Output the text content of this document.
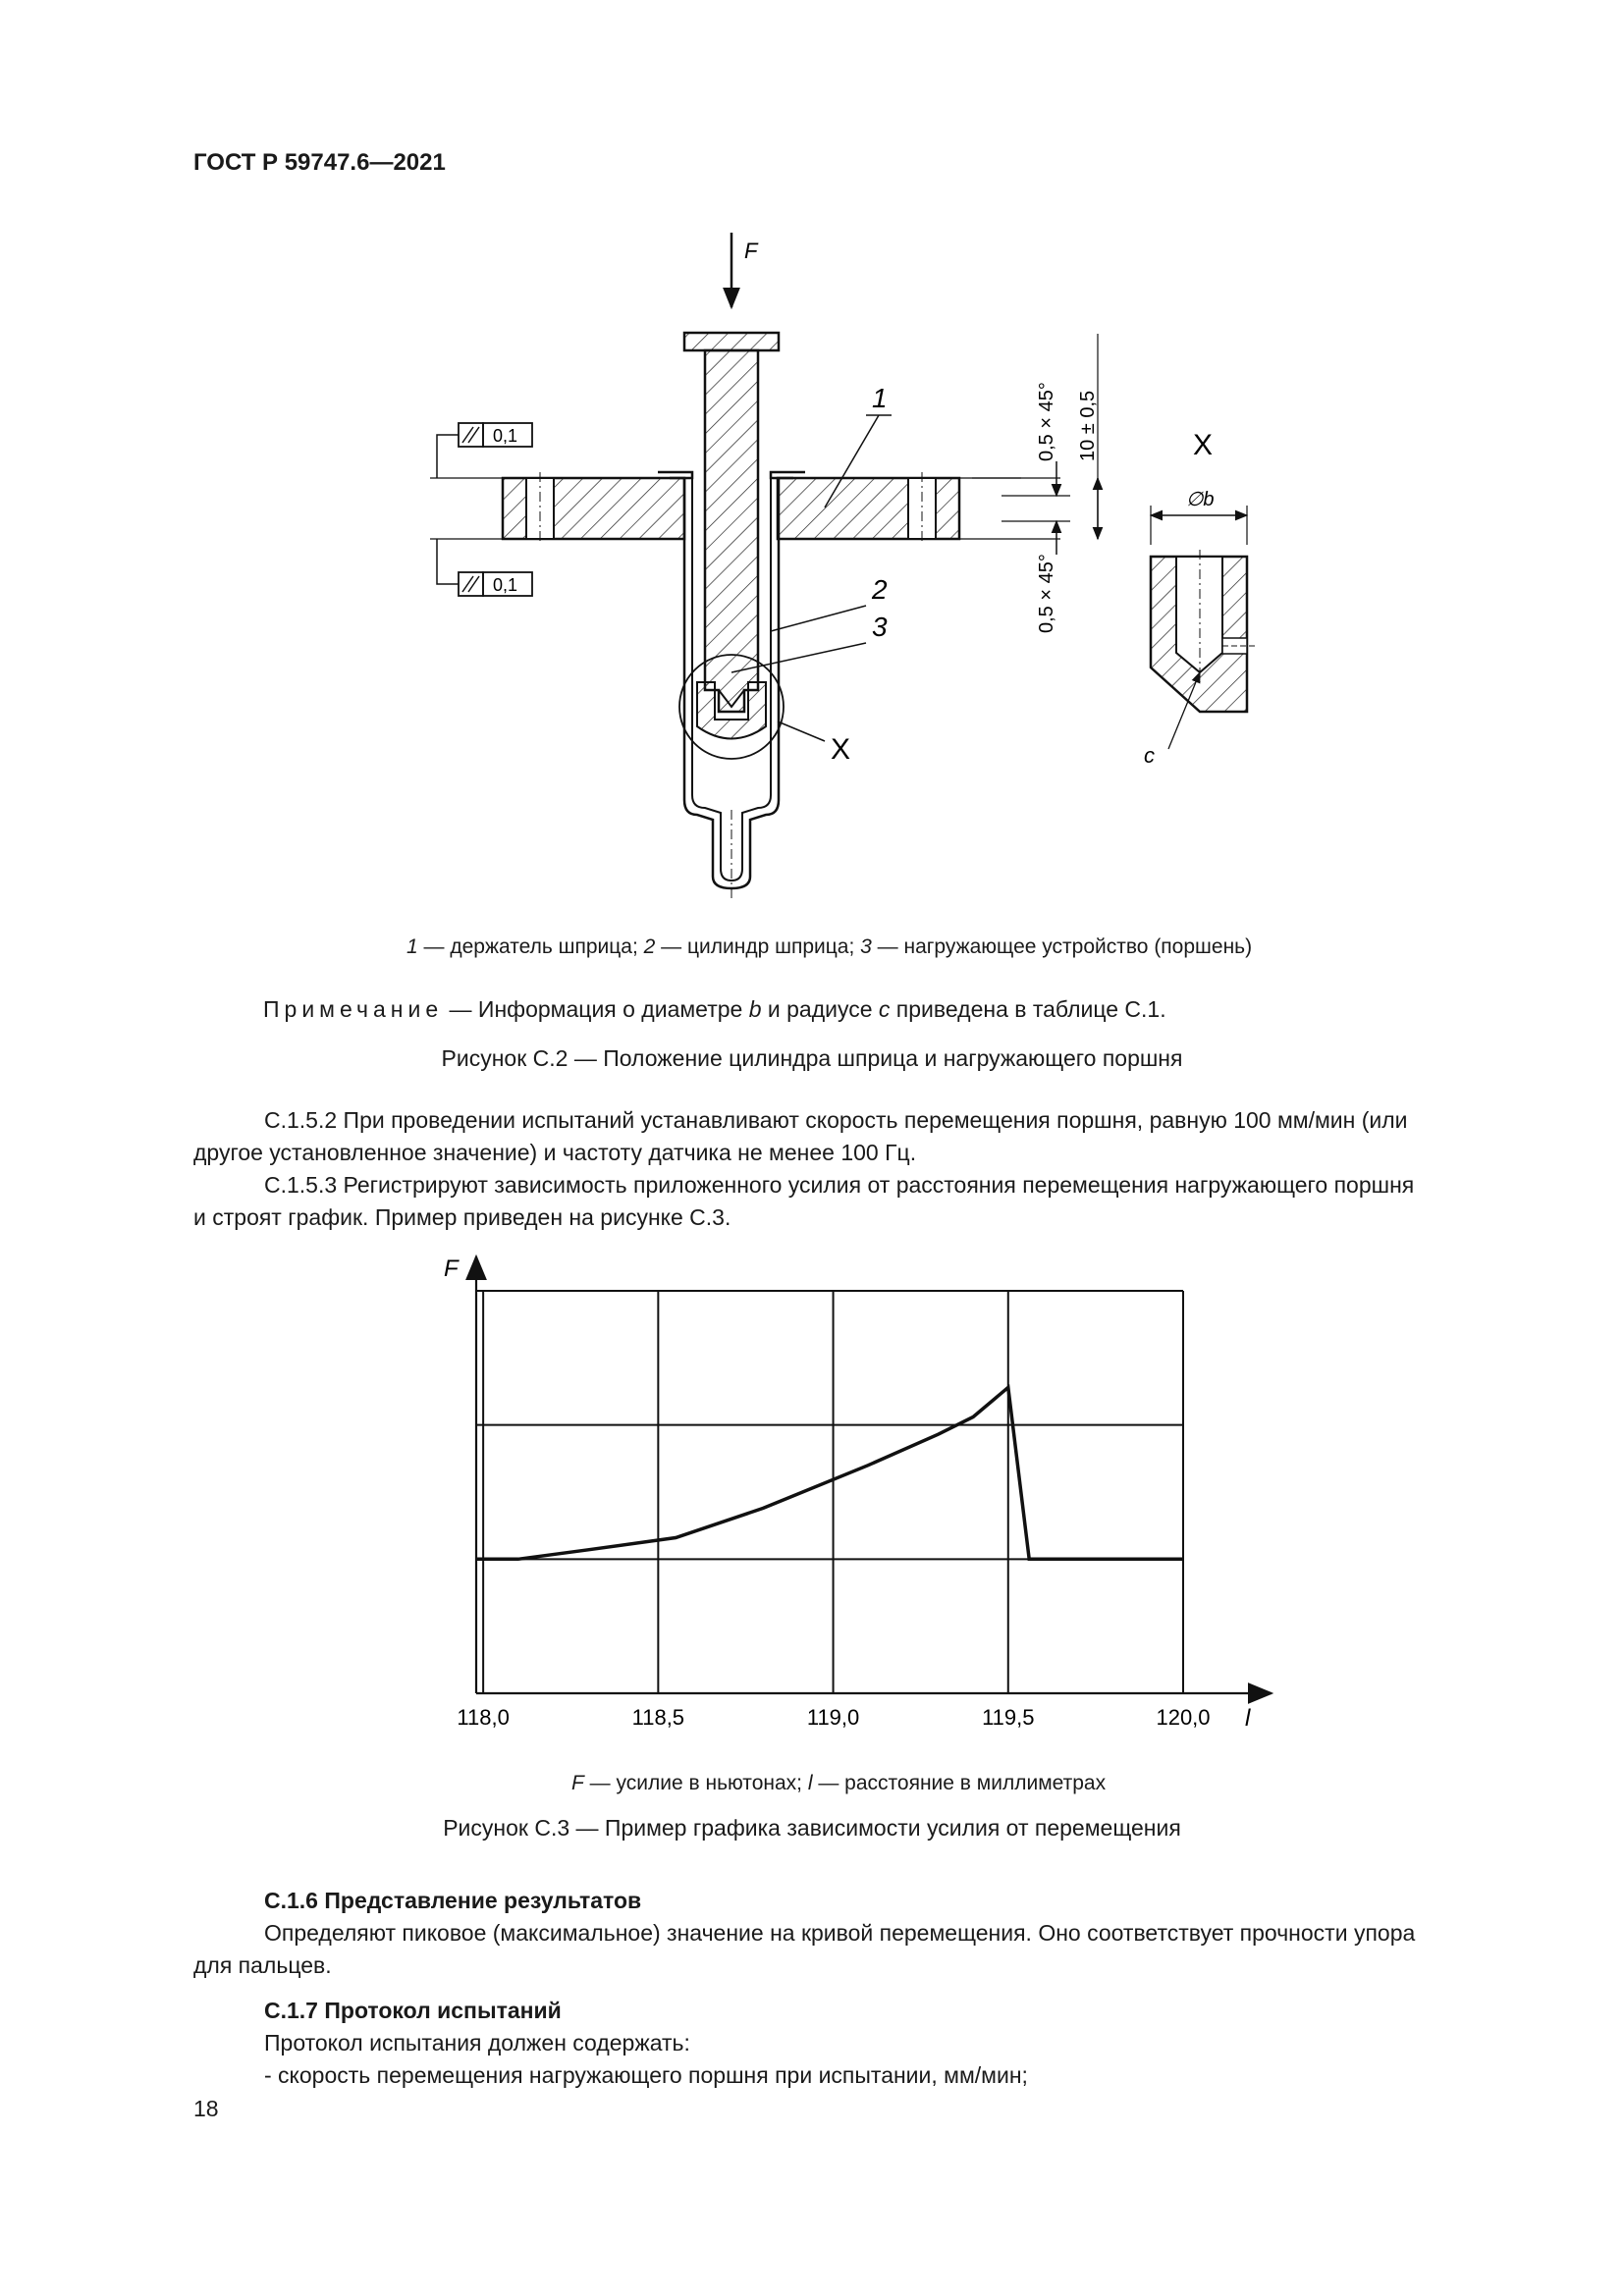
ГОСТ Р 59747.6—2021
F
X
1
2
3
0,1
0,1
0,5 × 45°
0,5 × 45°
10 ± 0,5	X
∅b
c
1 — держатель шприца; 2 — цилиндр шприца; 3 — нагружающее устройство (поршень)
Примечание — Информация о диаметре b и радиусе c приведена в таблице С.1.
Рисунок С.2 — Положение цилиндра шприца и нагружающего поршня
С.1.5.2 При проведении испытаний устанавливают скорость перемещения поршня, равную 100 мм/мин (или
другое установленное значение) и частоту датчика не менее 100 Гц.
С.1.5.3 Регистрируют зависимость приложенного усилия от расстояния перемещения нагружающего поршня
и строят график. Пример приведен на рисунке С.3.
F
l
118,0	118,5	119,0	119,5	120,0
F — усилие в ньютонах; l — расстояние в миллиметрах
Рисунок С.3 — Пример графика зависимости усилия от перемещения
С.1.6 Представление результатов
Определяют пиковое (максимальное) значение на кривой перемещения. Оно соответствует прочности упора
для пальцев.
С.1.7 Протокол испытаний
Протокол испытания должен содержать:
- скорость перемещения нагружающего поршня при испытании, мм/мин;
18
